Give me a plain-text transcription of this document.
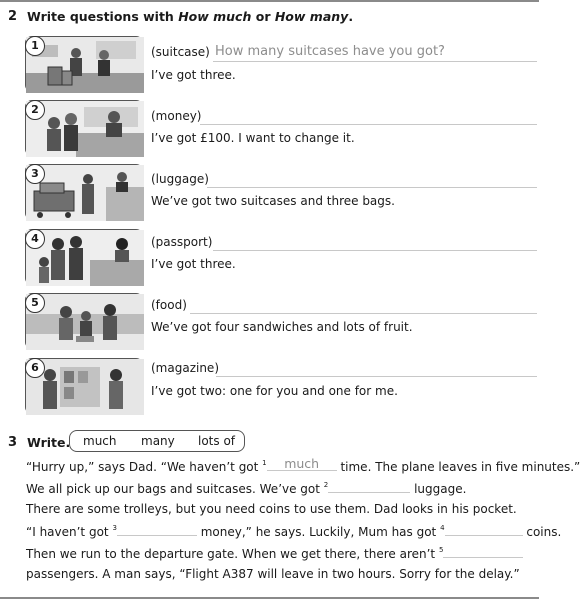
2 Write questions with How much or How many.
1	(suitcase) How many suitcases have you got?
I’ve got three.
2	(money)
I’ve got £100. I want to change it.
3	(luggage)
We’ve got two suitcases and three bags.
4	(passport)
I’ve got three.
5	(food)
We’ve got four sandwiches and lots of fruit.
6	(magazine)
I’ve got two: one for you and one for me.
3 Write. much many lots of
“Hurry up,” says Dad. “We haven’t got $^1$	much	time. The plane leaves in five minutes.”
We all pick up our bags and suitcases. We’ve got $^2$	luggage.
There are some trolleys, but you need coins to use them. Dad looks in his pocket.
“I haven’t got $^3$	money,” he says. Luckily, Mum has got $^4$	coins.
Then we run to the departure gate. When we get there, there aren’t $^5$
passengers. A man says, “Flight A387 will leave in two hours. Sorry for the delay.”
